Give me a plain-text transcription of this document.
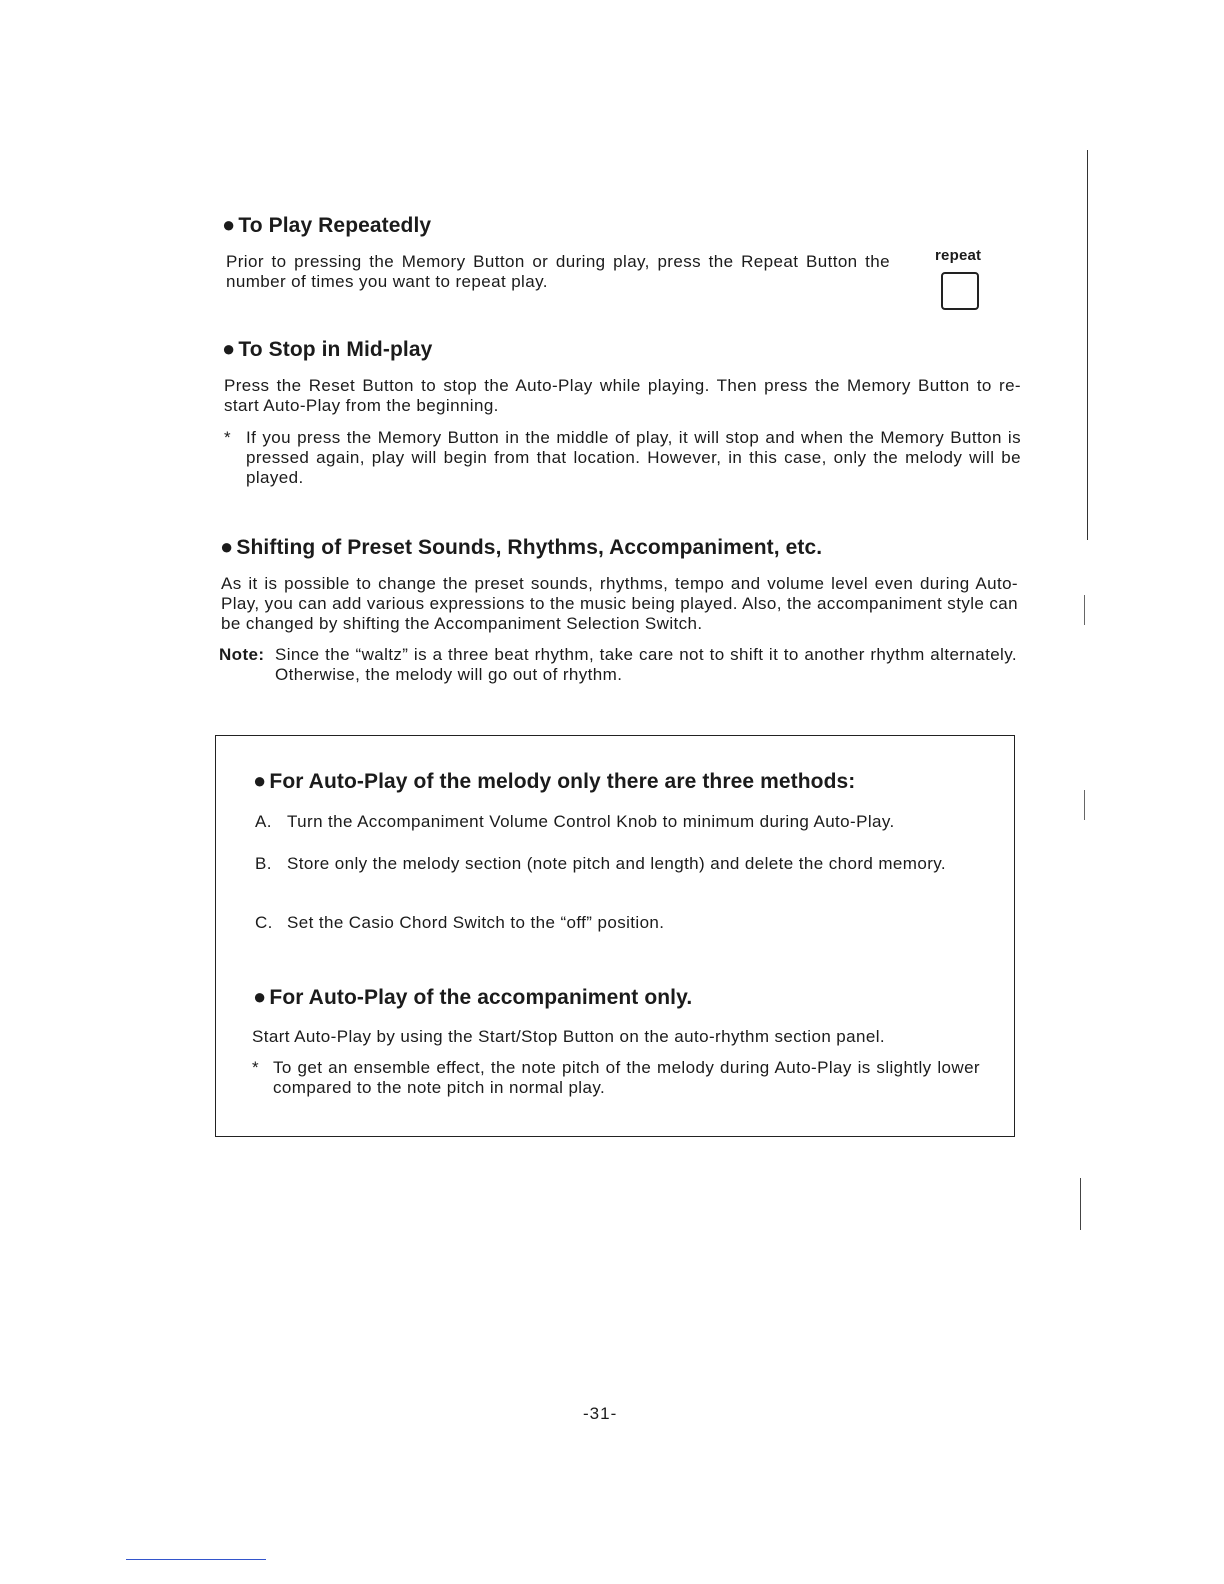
● To Play Repeatedly
Prior to pressing the Memory Button or during play, press the Repeat Button the number of times you want to repeat play.
repeat
● To Stop in Mid-play
Press the Reset Button to stop the Auto-Play while playing. Then press the Memory Button to re-start Auto-Play from the beginning.
* If you press the Memory Button in the middle of play, it will stop and when the Memory Button is pressed again, play will begin from that location. However, in this case, only the melody will be played.
● Shifting of Preset Sounds, Rhythms, Accompaniment, etc.
As it is possible to change the preset sounds, rhythms, tempo and volume level even during Auto-Play, you can add various expressions to the music being played. Also, the accompaniment style can be changed by shifting the Accompaniment Selection Switch.
Note: Since the “waltz” is a three beat rhythm, take care not to shift it to another rhythm alternately. Otherwise, the melody will go out of rhythm.
● For Auto-Play of the melody only there are three methods:
A. Turn the Accompaniment Volume Control Knob to minimum during Auto-Play.
B. Store only the melody section (note pitch and length) and delete the chord memory.
C. Set the Casio Chord Switch to the “off” position.
● For Auto-Play of the accompaniment only.
Start Auto-Play by using the Start/Stop Button on the auto-rhythm section panel.
* To get an ensemble effect, the note pitch of the melody during Auto-Play is slightly lower compared to the note pitch in normal play.
-31-
